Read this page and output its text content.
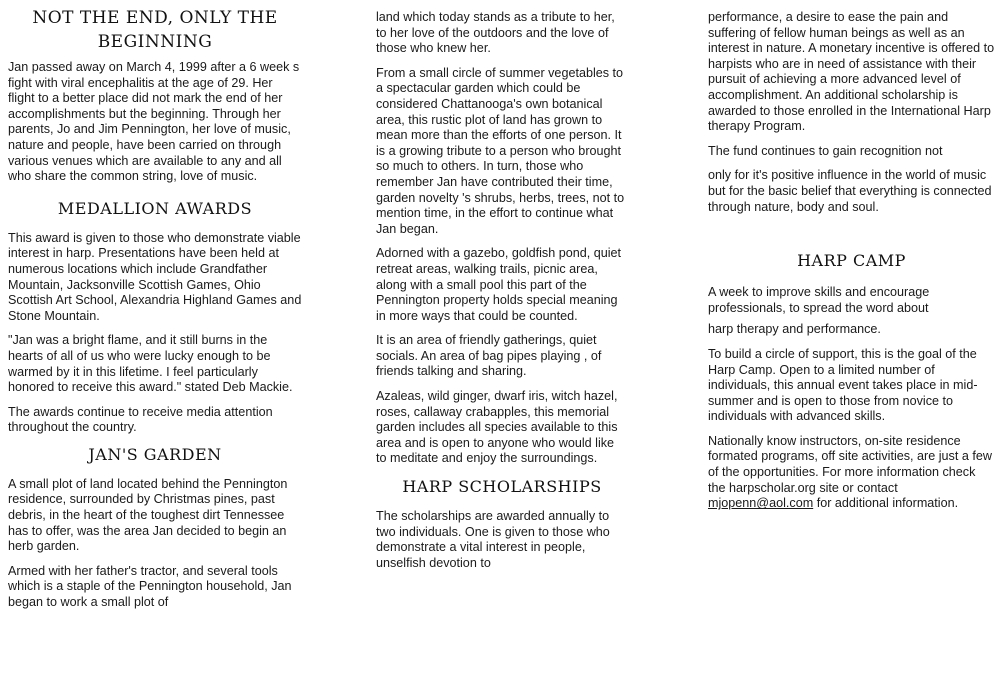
NOT THE END, ONLY THE BEGINNING

Jan passed away on March 4, 1999 after a 6 week s fight with viral encephalitis at the age of 29. Her flight to a better place did not mark the end of her accomplishments but the beginning. Through her parents, Jo and Jim Pennington, her love of music, nature and people, have been carried on through various venues which are available to any and all who share the common string, love of music.

MEDALLION AWARDS

This award is given to those who demonstrate viable interest in harp. Presentations have been held at numerous locations which include Grandfather Mountain, Jacksonville Scottish Games, Ohio Scottish Art School, Alexandria Highland Games and Stone Mountain.

"Jan was a bright flame, and it still burns in the hearts of all of us who were lucky enough to be warmed by it in this lifetime. I feel particularly honored to receive this award." stated Deb Mackie.

The awards continue to receive media attention throughout the country.

JAN'S GARDEN

A small plot of land located behind the Pennington residence, surrounded by Christmas pines, past debris, in the heart of the toughest dirt Tennessee has to offer, was the area Jan decided to begin an herb garden.

Armed with her father's tractor, and several tools which is a staple of the Pennington household, Jan began to work a small plot of

land which today stands as a tribute to her, to her love of the outdoors and the love of those who knew her.

From a small circle of summer vegetables to a spectacular garden which could be considered Chattanooga's own botanical area, this rustic plot of land has grown to mean more than the efforts of one person. It is a growing tribute to a person who brought so much to others. In turn, those who remember Jan have contributed their time, garden novelty 's shrubs, herbs, trees, not to mention time, in the effort to continue what Jan began.

Adorned with a gazebo, goldfish pond, quiet retreat areas, walking trails, picnic area, along with a small pool this part of the Pennington property holds special meaning in more ways that could be counted.

It is an area of friendly gatherings, quiet socials. An area of bag pipes playing , of friends talking and sharing.

Azaleas, wild ginger, dwarf iris, witch hazel, roses, callaway crabapples, this memorial garden includes all species available to this area and is open to anyone who would like to meditate and enjoy the surroundings.

HARP SCHOLARSHIPS

The scholarships are awarded annually to two individuals. One is given to those who demonstrate a vital interest in people, unselfish devotion to

performance, a desire to ease the pain and suffering of fellow human beings as well as an interest in nature. A monetary incentive is offered to harpists who are in need of assistance with their pursuit of achieving a more advanced level of accomplishment. An additional scholarship is awarded to those enrolled in the International Harp therapy Program.

The fund continues to gain recognition not

only for it's positive influence in the world of music but for the basic belief that everything is connected through nature, body and soul.

HARP CAMP

A week to improve skills and encourage professionals, to spread the word about

harp therapy and performance.

To build a circle of support, this is the goal of the Harp Camp. Open to a limited number of individuals, this annual event takes place in mid-summer and is open to those from novice to individuals with advanced skills.

Nationally know instructors, on-site residence formated programs, off site activities, are just a few of the opportunities. For more information check the harpscholar.org site or contact mjopenn@aol.com for additional information.
